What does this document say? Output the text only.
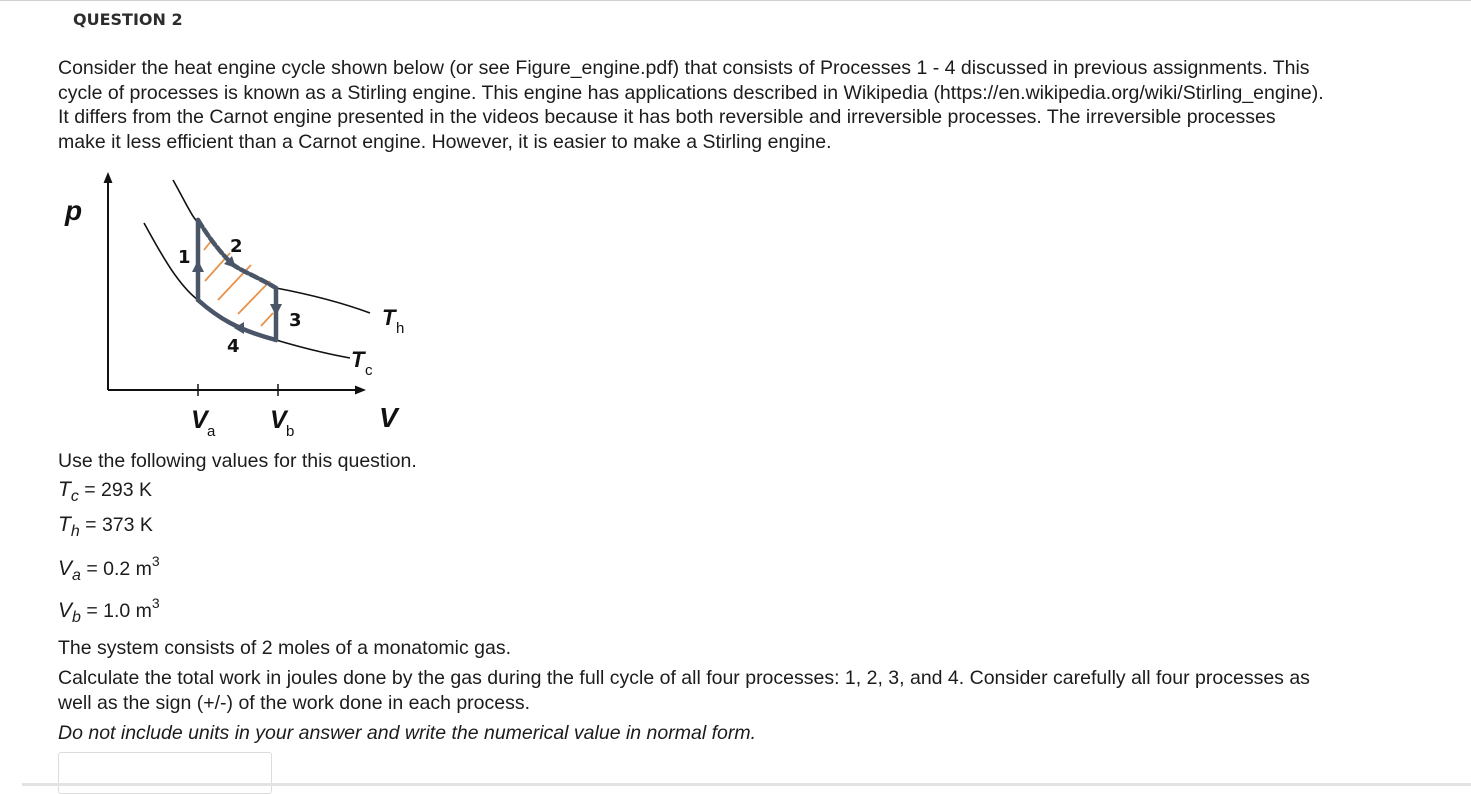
QUESTION 2

Consider the heat engine cycle shown below (or see Figure_engine.pdf) that consists of Processes 1 - 4 discussed in previous assignments. This

cycle of processes is known as a Stirling engine. This engine has applications described in Wikipedia (https://en.wikipedia.org/wiki/Stirling_engine).

It differs from the Carnot engine presented in the videos because it has both reversible and irreversible processes. The irreversible processes

make it less efficient than a Carnot engine. However, it is easier to make a Stirling engine.

1
2
3
4
p
V
T h
T c
V a V b
Use the following values for this question.
$T_c = 293$ K
$T_h = 373$ K
$V_a = 0.2$ $m^3$
$V_b = 1.0$ $m^3$
The system consists of 2 moles of a monatomic gas.
Calculate the total work in joules done by the gas during the full cycle of all four processes: 1, 2, 3, and 4. Consider carefully all four processes as
well as the sign (+/-) of the work done in each process.
Do not include units in your answer and write the numerical value in normal form.
